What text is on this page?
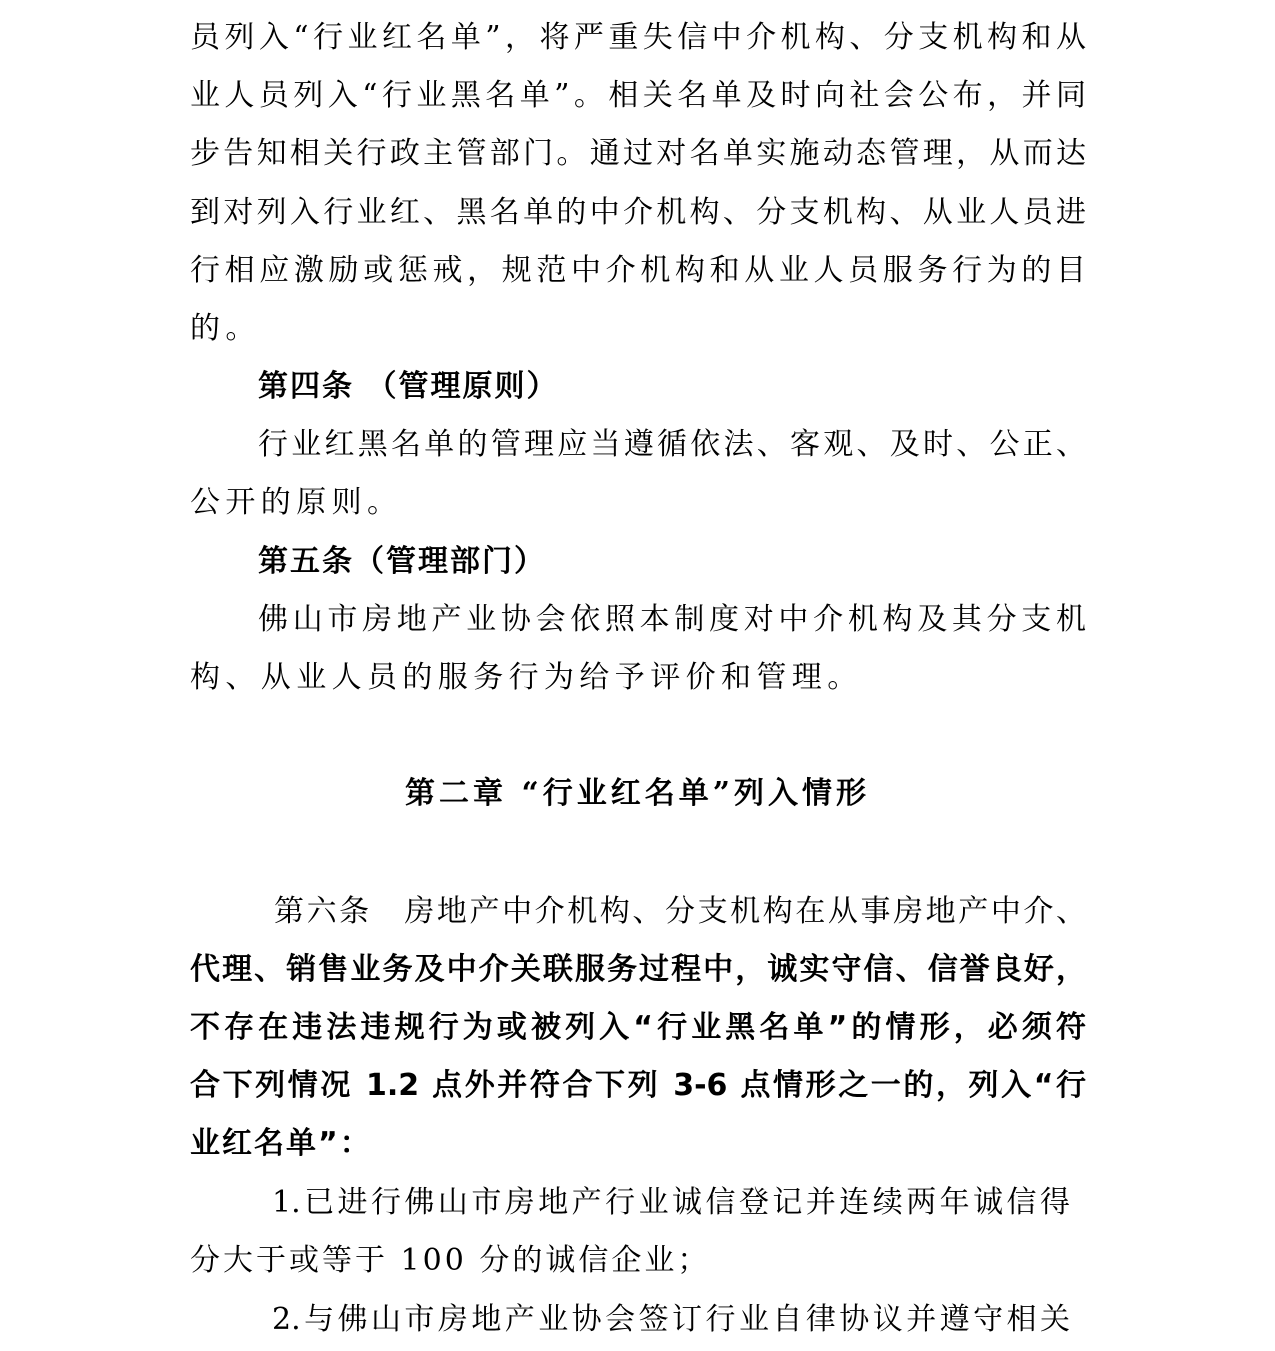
员列入“行业红名单”，将严重失信中介机构、分支机构和从
业人员列入“行业黑名单”。相关名单及时向社会公布，并同
步告知相关行政主管部门。通过对名单实施动态管理，从而达
到对列入行业红、黑名单的中介机构、分支机构、从业人员进
行相应激励或惩戒，规范中介机构和从业人员服务行为的目
的。
第四条 （管理原则）
行业红黑名单的管理应当遵循依法、客观、及时、公正、
公开的原则。
第五条（管理部门）
佛山市房地产业协会依照本制度对中介机构及其分支机
构、从业人员的服务行为给予评价和管理。
第二章 “行业红名单”列入情形
第六条　房地产中介机构、分支机构在从事房地产中介、
代理、销售业务及中介关联服务过程中，诚实守信、信誉良好，
不存在违法违规行为或被列入“行业黑名单”的情形，必须符
合下列情况 1.2 点外并符合下列 3-6 点情形之一的，列入“行
业红名单”：
1.已进行佛山市房地产行业诚信登记并连续两年诚信得
分大于或等于 100 分的诚信企业；
2.与佛山市房地产业协会签订行业自律协议并遵守相关
